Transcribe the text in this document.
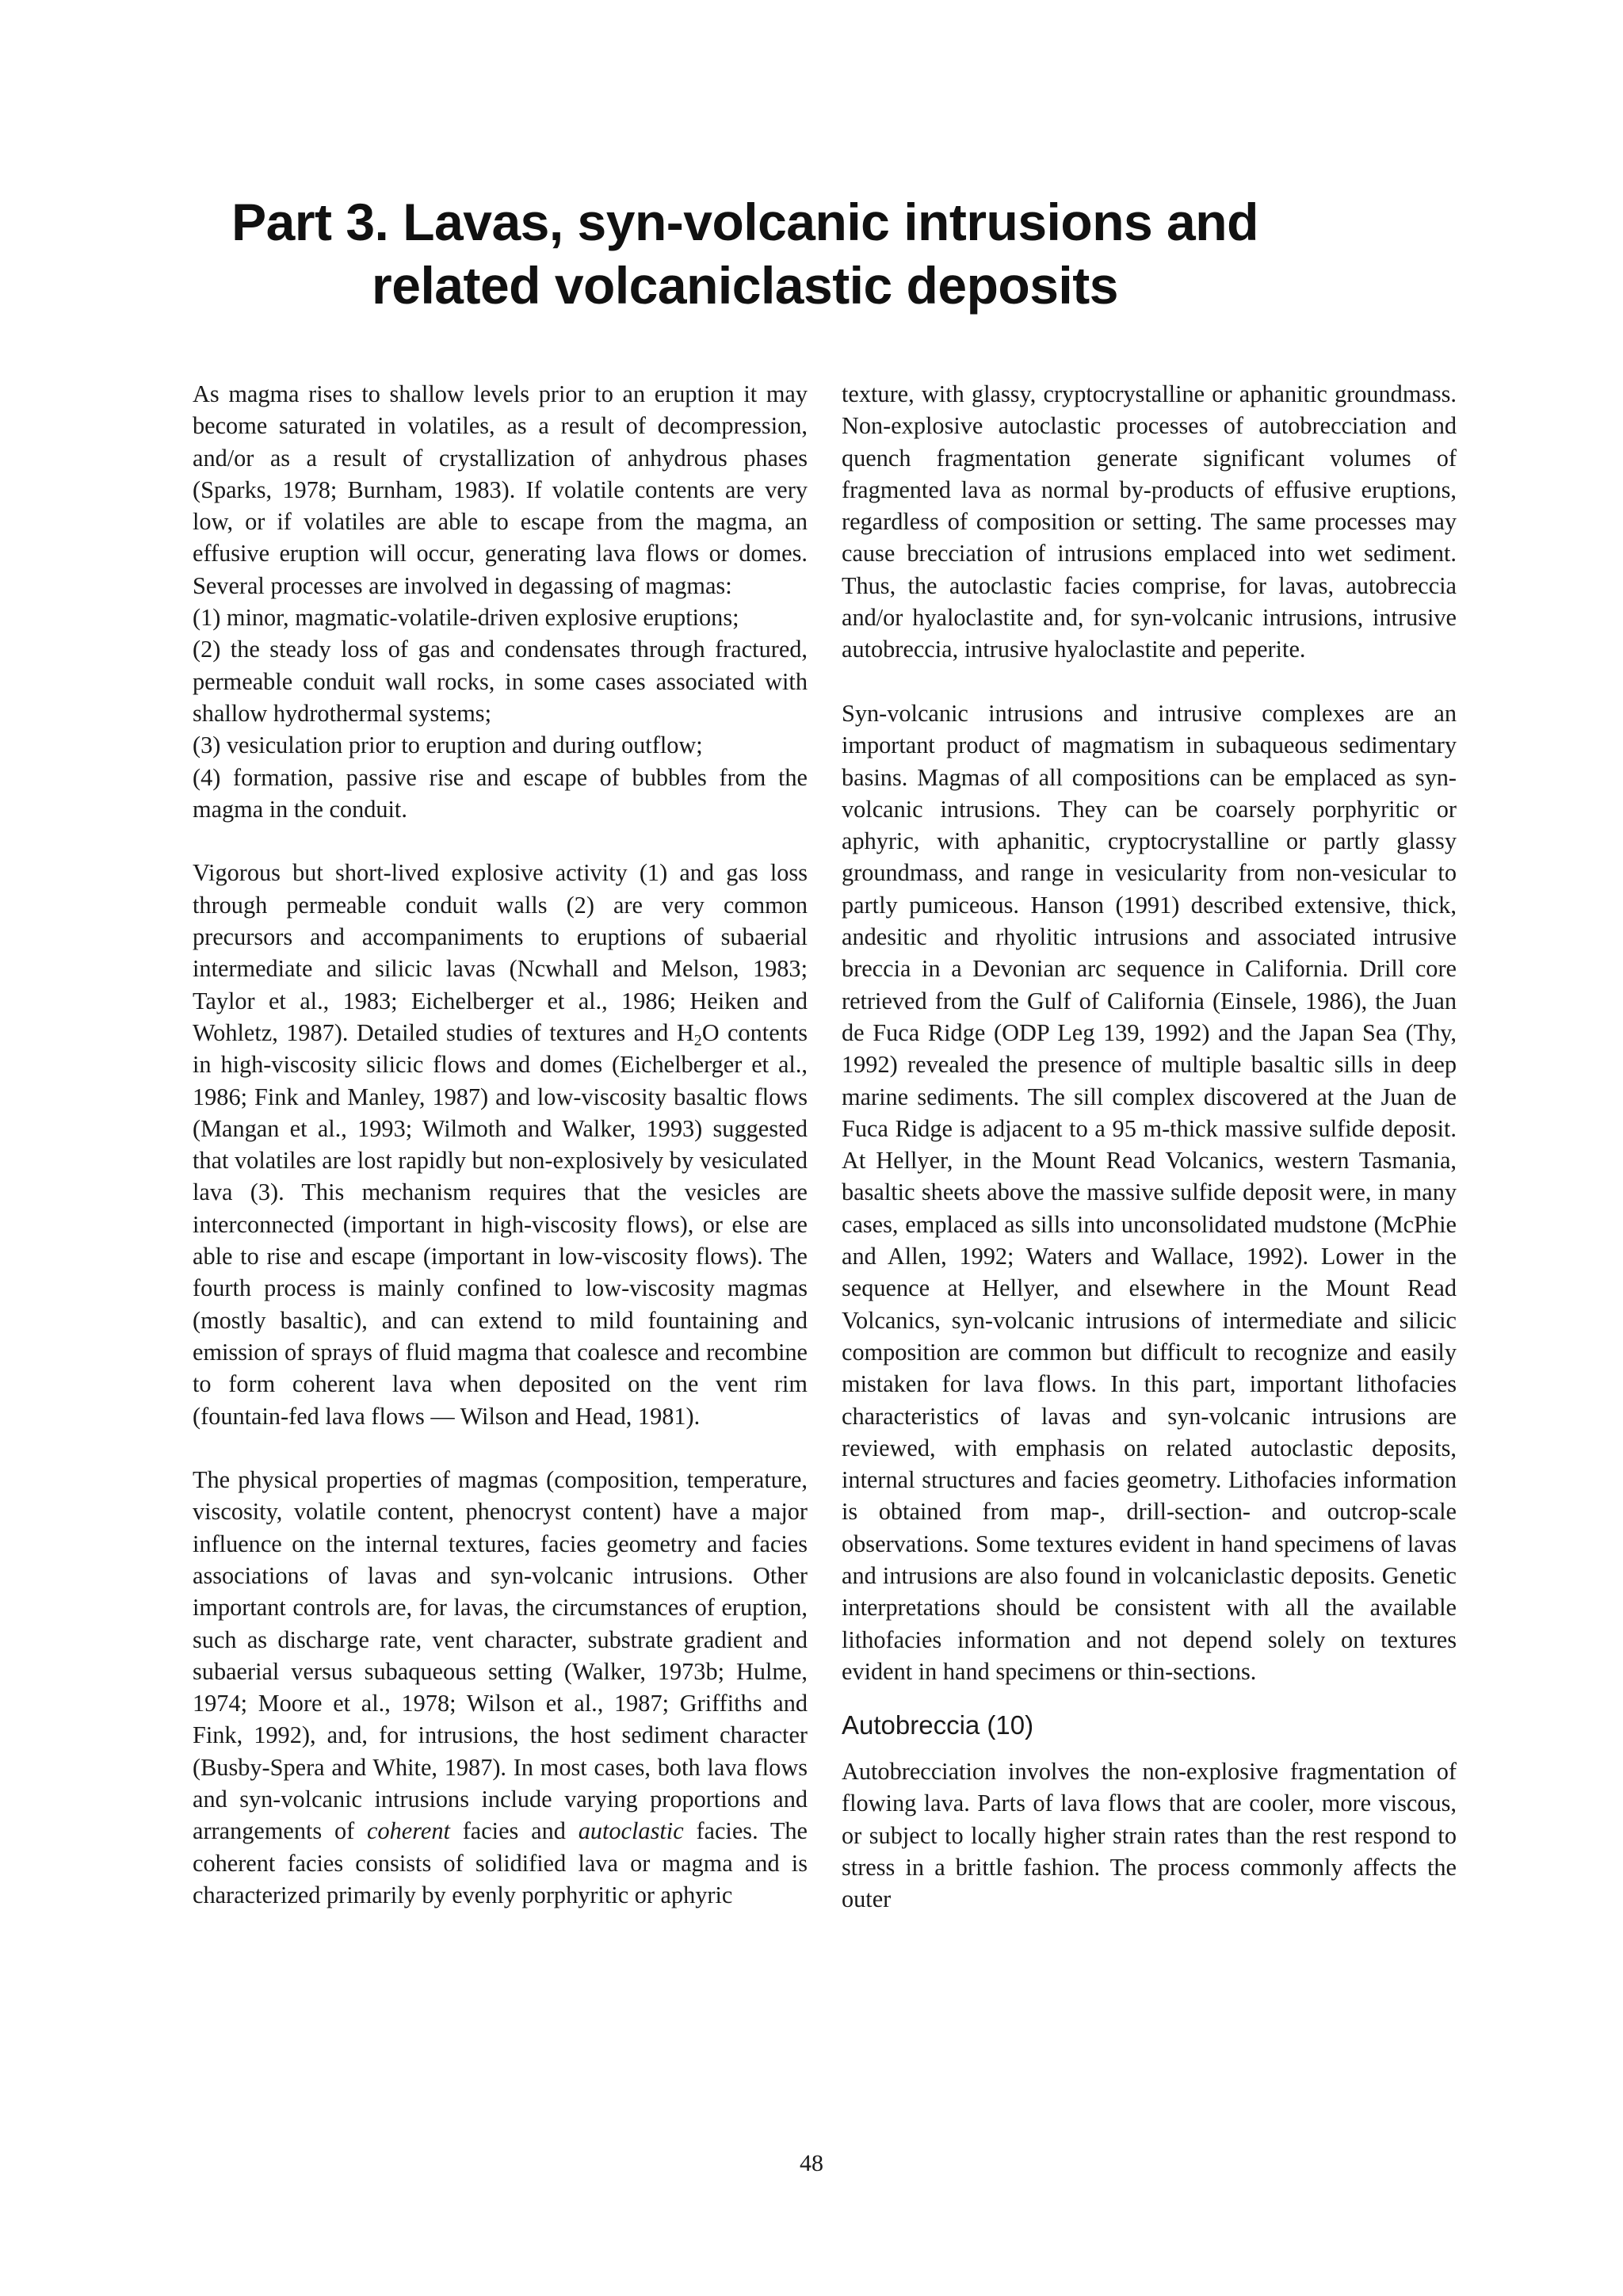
Part 3. Lavas, syn-volcanic intrusions and
related volcaniclastic deposits

As magma rises to shallow levels prior to an eruption it may become saturated in volatiles, as a result of decompression, and/or as a result of crystallization of anhydrous phases (Sparks, 1978; Burnham, 1983). If volatile contents are very low, or if volatiles are able to escape from the magma, an effusive eruption will occur, generating lava flows or domes. Several processes are involved in degassing of magmas:

(1) minor, magmatic-volatile-driven explosive eruptions;

(2) the steady loss of gas and condensates through fractured, permeable conduit wall rocks, in some cases associated with shallow hydrothermal systems;

(3) vesiculation prior to eruption and during outflow;

(4) formation, passive rise and escape of bubbles from the magma in the conduit.

Vigorous but short-lived explosive activity (1) and gas loss through permeable conduit walls (2) are very common precursors and accompaniments to eruptions of subaerial intermediate and silicic lavas (Ncwhall and Melson, 1983; Taylor et al., 1983; Eichelberger et al., 1986; Heiken and Wohletz, 1987). Detailed studies of textures and $H_2O$ contents in high-viscosity silicic flows and domes (Eichelberger et al., 1986; Fink and Manley, 1987) and low-viscosity basaltic flows (Mangan et al., 1993; Wilmoth and Walker, 1993) suggested that volatiles are lost rapidly but non-explosively by vesiculated lava (3). This mechanism requires that the vesicles are interconnected (important in high-viscosity flows), or else are able to rise and escape (important in low-viscosity flows). The fourth process is mainly confined to low-viscosity magmas (mostly basaltic), and can extend to mild fountaining and emission of sprays of fluid magma that coalesce and recombine to form coherent lava when deposited on the vent rim (fountain-fed lava flows — Wilson and Head, 1981).

The physical properties of magmas (composition, temperature, viscosity, volatile content, phenocryst content) have a major influence on the internal textures, facies geometry and facies associations of lavas and syn-volcanic intrusions. Other important controls are, for lavas, the circumstances of eruption, such as discharge rate, vent character, substrate gradient and subaerial versus subaqueous setting (Walker, 1973b; Hulme, 1974; Moore et al., 1978; Wilson et al., 1987; Griffiths and Fink, 1992), and, for intrusions, the host sediment character (Busby-Spera and White, 1987). In most cases, both lava flows and syn-volcanic intrusions include varying proportions and arrangements of coherent facies and autoclastic facies. The coherent facies consists of solidified lava or magma and is characterized primarily by evenly porphyritic or aphyric

texture, with glassy, cryptocrystalline or aphanitic groundmass. Non-explosive autoclastic processes of autobrecciation and quench fragmentation generate significant volumes of fragmented lava as normal by-products of effusive eruptions, regardless of composition or setting. The same processes may cause brecciation of intrusions emplaced into wet sediment. Thus, the autoclastic facies comprise, for lavas, autobreccia and/or hyaloclastite and, for syn-volcanic intrusions, intrusive autobreccia, intrusive hyaloclastite and peperite.

Syn-volcanic intrusions and intrusive complexes are an important product of magmatism in subaqueous sedimentary basins. Magmas of all compositions can be emplaced as syn-volcanic intrusions. They can be coarsely porphyritic or aphyric, with aphanitic, cryptocrystalline or partly glassy groundmass, and range in vesicularity from non-vesicular to partly pumiceous. Hanson (1991) described extensive, thick, andesitic and rhyolitic intrusions and associated intrusive breccia in a Devonian arc sequence in California. Drill core retrieved from the Gulf of California (Einsele, 1986), the Juan de Fuca Ridge (ODP Leg 139, 1992) and the Japan Sea (Thy, 1992) revealed the presence of multiple basaltic sills in deep marine sediments. The sill complex discovered at the Juan de Fuca Ridge is adjacent to a 95 m-thick massive sulfide deposit. At Hellyer, in the Mount Read Volcanics, western Tasmania, basaltic sheets above the massive sulfide deposit were, in many cases, emplaced as sills into unconsolidated mudstone (McPhie and Allen, 1992; Waters and Wallace, 1992). Lower in the sequence at Hellyer, and elsewhere in the Mount Read Volcanics, syn-volcanic intrusions of intermediate and silicic composition are common but difficult to recognize and easily mistaken for lava flows. In this part, important lithofacies characteristics of lavas and syn-volcanic intrusions are reviewed, with emphasis on related autoclastic deposits, internal structures and facies geometry. Lithofacies information is obtained from map-, drill-section- and outcrop-scale observations. Some textures evident in hand specimens of lavas and intrusions are also found in volcaniclastic deposits. Genetic interpretations should be consistent with all the available lithofacies information and not depend solely on textures evident in hand specimens or thin-sections.

Autobreccia (10)

Autobrecciation involves the non-explosive fragmentation of flowing lava. Parts of lava flows that are cooler, more viscous, or subject to locally higher strain rates than the rest respond to stress in a brittle fashion. The process commonly affects the outer

48
